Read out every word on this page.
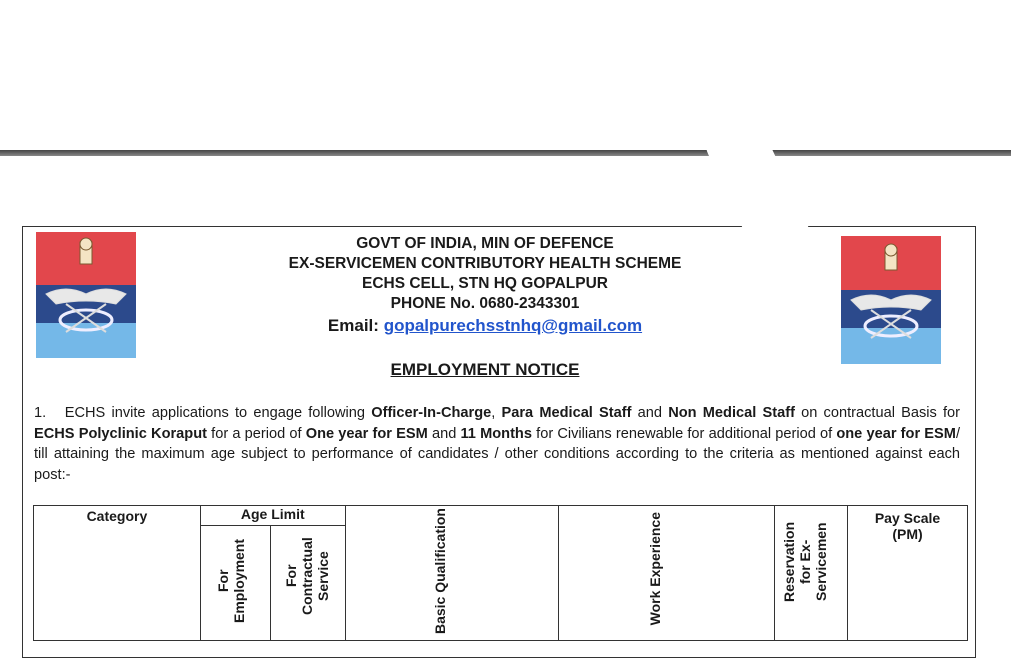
GOVT OF INDIA, MIN OF DEFENCE
EX-SERVICEMEN CONTRIBUTORY HEALTH SCHEME
ECHS CELL, STN HQ GOPALPUR
PHONE No. 0680-2343301
Email: gopalpurechsstnhq@gmail.com
EMPLOYMENT NOTICE
1. ECHS invite applications to engage following Officer-In-Charge, Para Medical Staff and Non Medical Staff on contractual Basis for ECHS Polyclinic Koraput for a period of One year for ESM and 11 Months for Civilians renewable for additional period of one year for ESM/ till attaining the maximum age subject to performance of candidates / other conditions according to the criteria as mentioned against each post:-
Category	Age Limit		Basic Qualification	Work Experience	Reservation for Ex-Servicemen	Pay Scale (PM)

	For Employment	For Contractual Service				
